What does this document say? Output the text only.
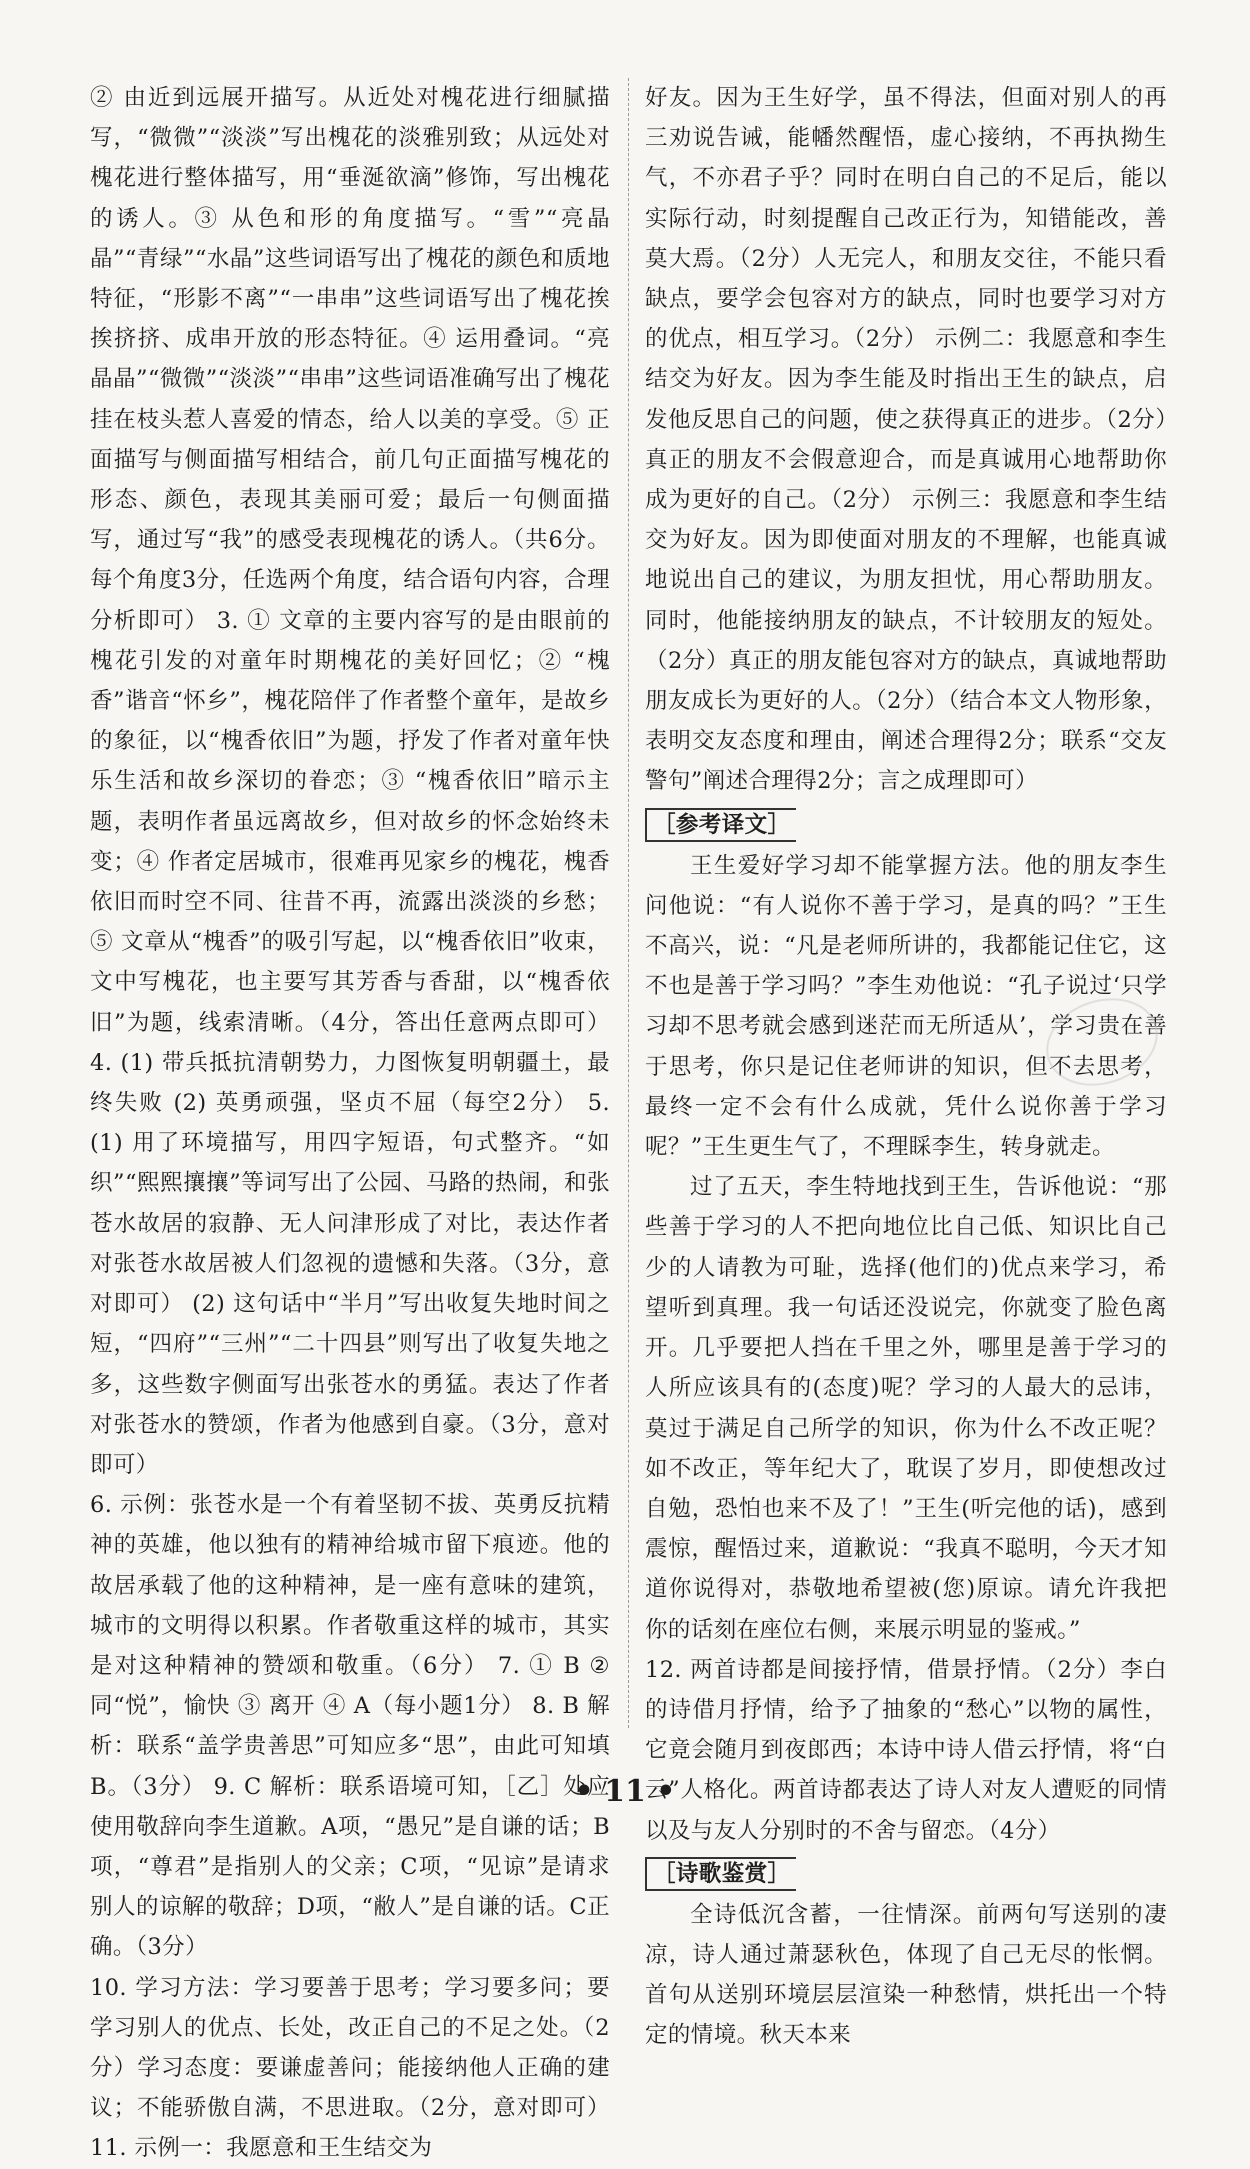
② 由近到远展开描写。从近处对槐花进行细腻描写，“微微”“淡淡”写出槐花的淡雅别致；从远处对槐花进行整体描写，用“垂涎欲滴”修饰，写出槐花的诱人。③ 从色和形的角度描写。“雪”“亮晶晶”“青绿”“水晶”这些词语写出了槐花的颜色和质地特征，“形影不离”“一串串”这些词语写出了槐花挨挨挤挤、成串开放的形态特征。④ 运用叠词。“亮晶晶”“微微”“淡淡”“串串”这些词语准确写出了槐花挂在枝头惹人喜爱的情态，给人以美的享受。⑤ 正面描写与侧面描写相结合，前几句正面描写槐花的形态、颜色，表现其美丽可爱；最后一句侧面描写，通过写“我”的感受表现槐花的诱人。（共6分。每个角度3分，任选两个角度，结合语句内容，合理分析即可） 3. ① 文章的主要内容写的是由眼前的槐花引发的对童年时期槐花的美好回忆；② “槐香”谐音“怀乡”，槐花陪伴了作者整个童年，是故乡的象征，以“槐香依旧”为题，抒发了作者对童年快乐生活和故乡深切的眷恋；③ “槐香依旧”暗示主题，表明作者虽远离故乡，但对故乡的怀念始终未变；④ 作者定居城市，很难再见家乡的槐花，槐香依旧而时空不同、往昔不再，流露出淡淡的乡愁；⑤ 文章从“槐香”的吸引写起，以“槐香依旧”收束，文中写槐花，也主要写其芳香与香甜，以“槐香依旧”为题，线索清晰。（4分，答出任意两点即可） 4. (1) 带兵抵抗清朝势力，力图恢复明朝疆土，最终失败 (2) 英勇顽强，坚贞不屈（每空2分） 5. (1) 用了环境描写，用四字短语，句式整齐。“如织”“熙熙攘攘”等词写出了公园、马路的热闹，和张苍水故居的寂静、无人问津形成了对比，表达作者对张苍水故居被人们忽视的遗憾和失落。（3分，意对即可） (2) 这句话中“半月”写出收复失地时间之短，“四府”“三州”“二十四县”则写出了收复失地之多，这些数字侧面写出张苍水的勇猛。表达了作者对张苍水的赞颂，作者为他感到自豪。（3分，意对即可）

6. 示例：张苍水是一个有着坚韧不拔、英勇反抗精神的英雄，他以独有的精神给城市留下痕迹。他的故居承载了他的这种精神，是一座有意味的建筑，城市的文明得以积累。作者敬重这样的城市，其实是对这种精神的赞颂和敬重。（6分） 7. ① B ② 同“悦”，愉快 ③ 离开 ④ A（每小题1分） 8. B 解析：联系“盖学贵善思”可知应多“思”，由此可知填B。（3分） 9. C 解析：联系语境可知，［乙］处应使用敬辞向李生道歉。A项，“愚兄”是自谦的话；B项，“尊君”是指别人的父亲；C项，“见谅”是请求别人的谅解的敬辞；D项，“敝人”是自谦的话。C正确。（3分）

10. 学习方法：学习要善于思考；学习要多问；要学习别人的优点、长处，改正自己的不足之处。（2分）学习态度：要谦虚善问；能接纳他人正确的建议；不能骄傲自满，不思进取。（2分，意对即可） 11. 示例一：我愿意和王生结交为

好友。因为王生好学，虽不得法，但面对别人的再三劝说告诫，能幡然醒悟，虚心接纳，不再执拗生气，不亦君子乎？同时在明白自己的不足后，能以实际行动，时刻提醒自己改正行为，知错能改，善莫大焉。（2分）人无完人，和朋友交往，不能只看缺点，要学会包容对方的缺点，同时也要学习对方的优点，相互学习。（2分） 示例二：我愿意和李生结交为好友。因为李生能及时指出王生的缺点，启发他反思自己的问题，使之获得真正的进步。（2分）真正的朋友不会假意迎合，而是真诚用心地帮助你成为更好的自己。（2分） 示例三：我愿意和李生结交为好友。因为即使面对朋友的不理解，也能真诚地说出自己的建议，为朋友担忧，用心帮助朋友。同时，他能接纳朋友的缺点，不计较朋友的短处。（2分）真正的朋友能包容对方的缺点，真诚地帮助朋友成长为更好的人。（2分）（结合本文人物形象，表明交友态度和理由，阐述合理得2分；联系“交友警句”阐述合理得2分；言之成理即可）

［参考译文］

王生爱好学习却不能掌握方法。他的朋友李生问他说：“有人说你不善于学习，是真的吗？”王生不高兴，说：“凡是老师所讲的，我都能记住它，这不也是善于学习吗？”李生劝他说：“孔子说过‘只学习却不思考就会感到迷茫而无所适从’，学习贵在善于思考，你只是记住老师讲的知识，但不去思考，最终一定不会有什么成就，凭什么说你善于学习呢？”王生更生气了，不理睬李生，转身就走。

过了五天，李生特地找到王生，告诉他说：“那些善于学习的人不把向地位比自己低、知识比自己少的人请教为可耻，选择(他们的)优点来学习，希望听到真理。我一句话还没说完，你就变了脸色离开。几乎要把人挡在千里之外，哪里是善于学习的人所应该具有的(态度)呢？学习的人最大的忌讳，莫过于满足自己所学的知识，你为什么不改正呢？如不改正，等年纪大了，耽误了岁月，即使想改过自勉，恐怕也来不及了！”王生(听完他的话)，感到震惊，醒悟过来，道歉说：“我真不聪明，今天才知道你说得对，恭敬地希望被(您)原谅。请允许我把你的话刻在座位右侧，来展示明显的鉴戒。”

12. 两首诗都是间接抒情，借景抒情。（2分）李白的诗借月抒情，给予了抽象的“愁心”以物的属性，它竟会随月到夜郎西；本诗中诗人借云抒情，将“白云”人格化。两首诗都表达了诗人对友人遭贬的同情以及与友人分别时的不舍与留恋。（4分）

［诗歌鉴赏］

全诗低沉含蓄，一往情深。前两句写送别的凄凉，诗人通过萧瑟秋色，体现了自己无尽的怅惘。首句从送别环境层层渲染一种愁情，烘托出一个特定的情境。秋天本来

• 11 •
